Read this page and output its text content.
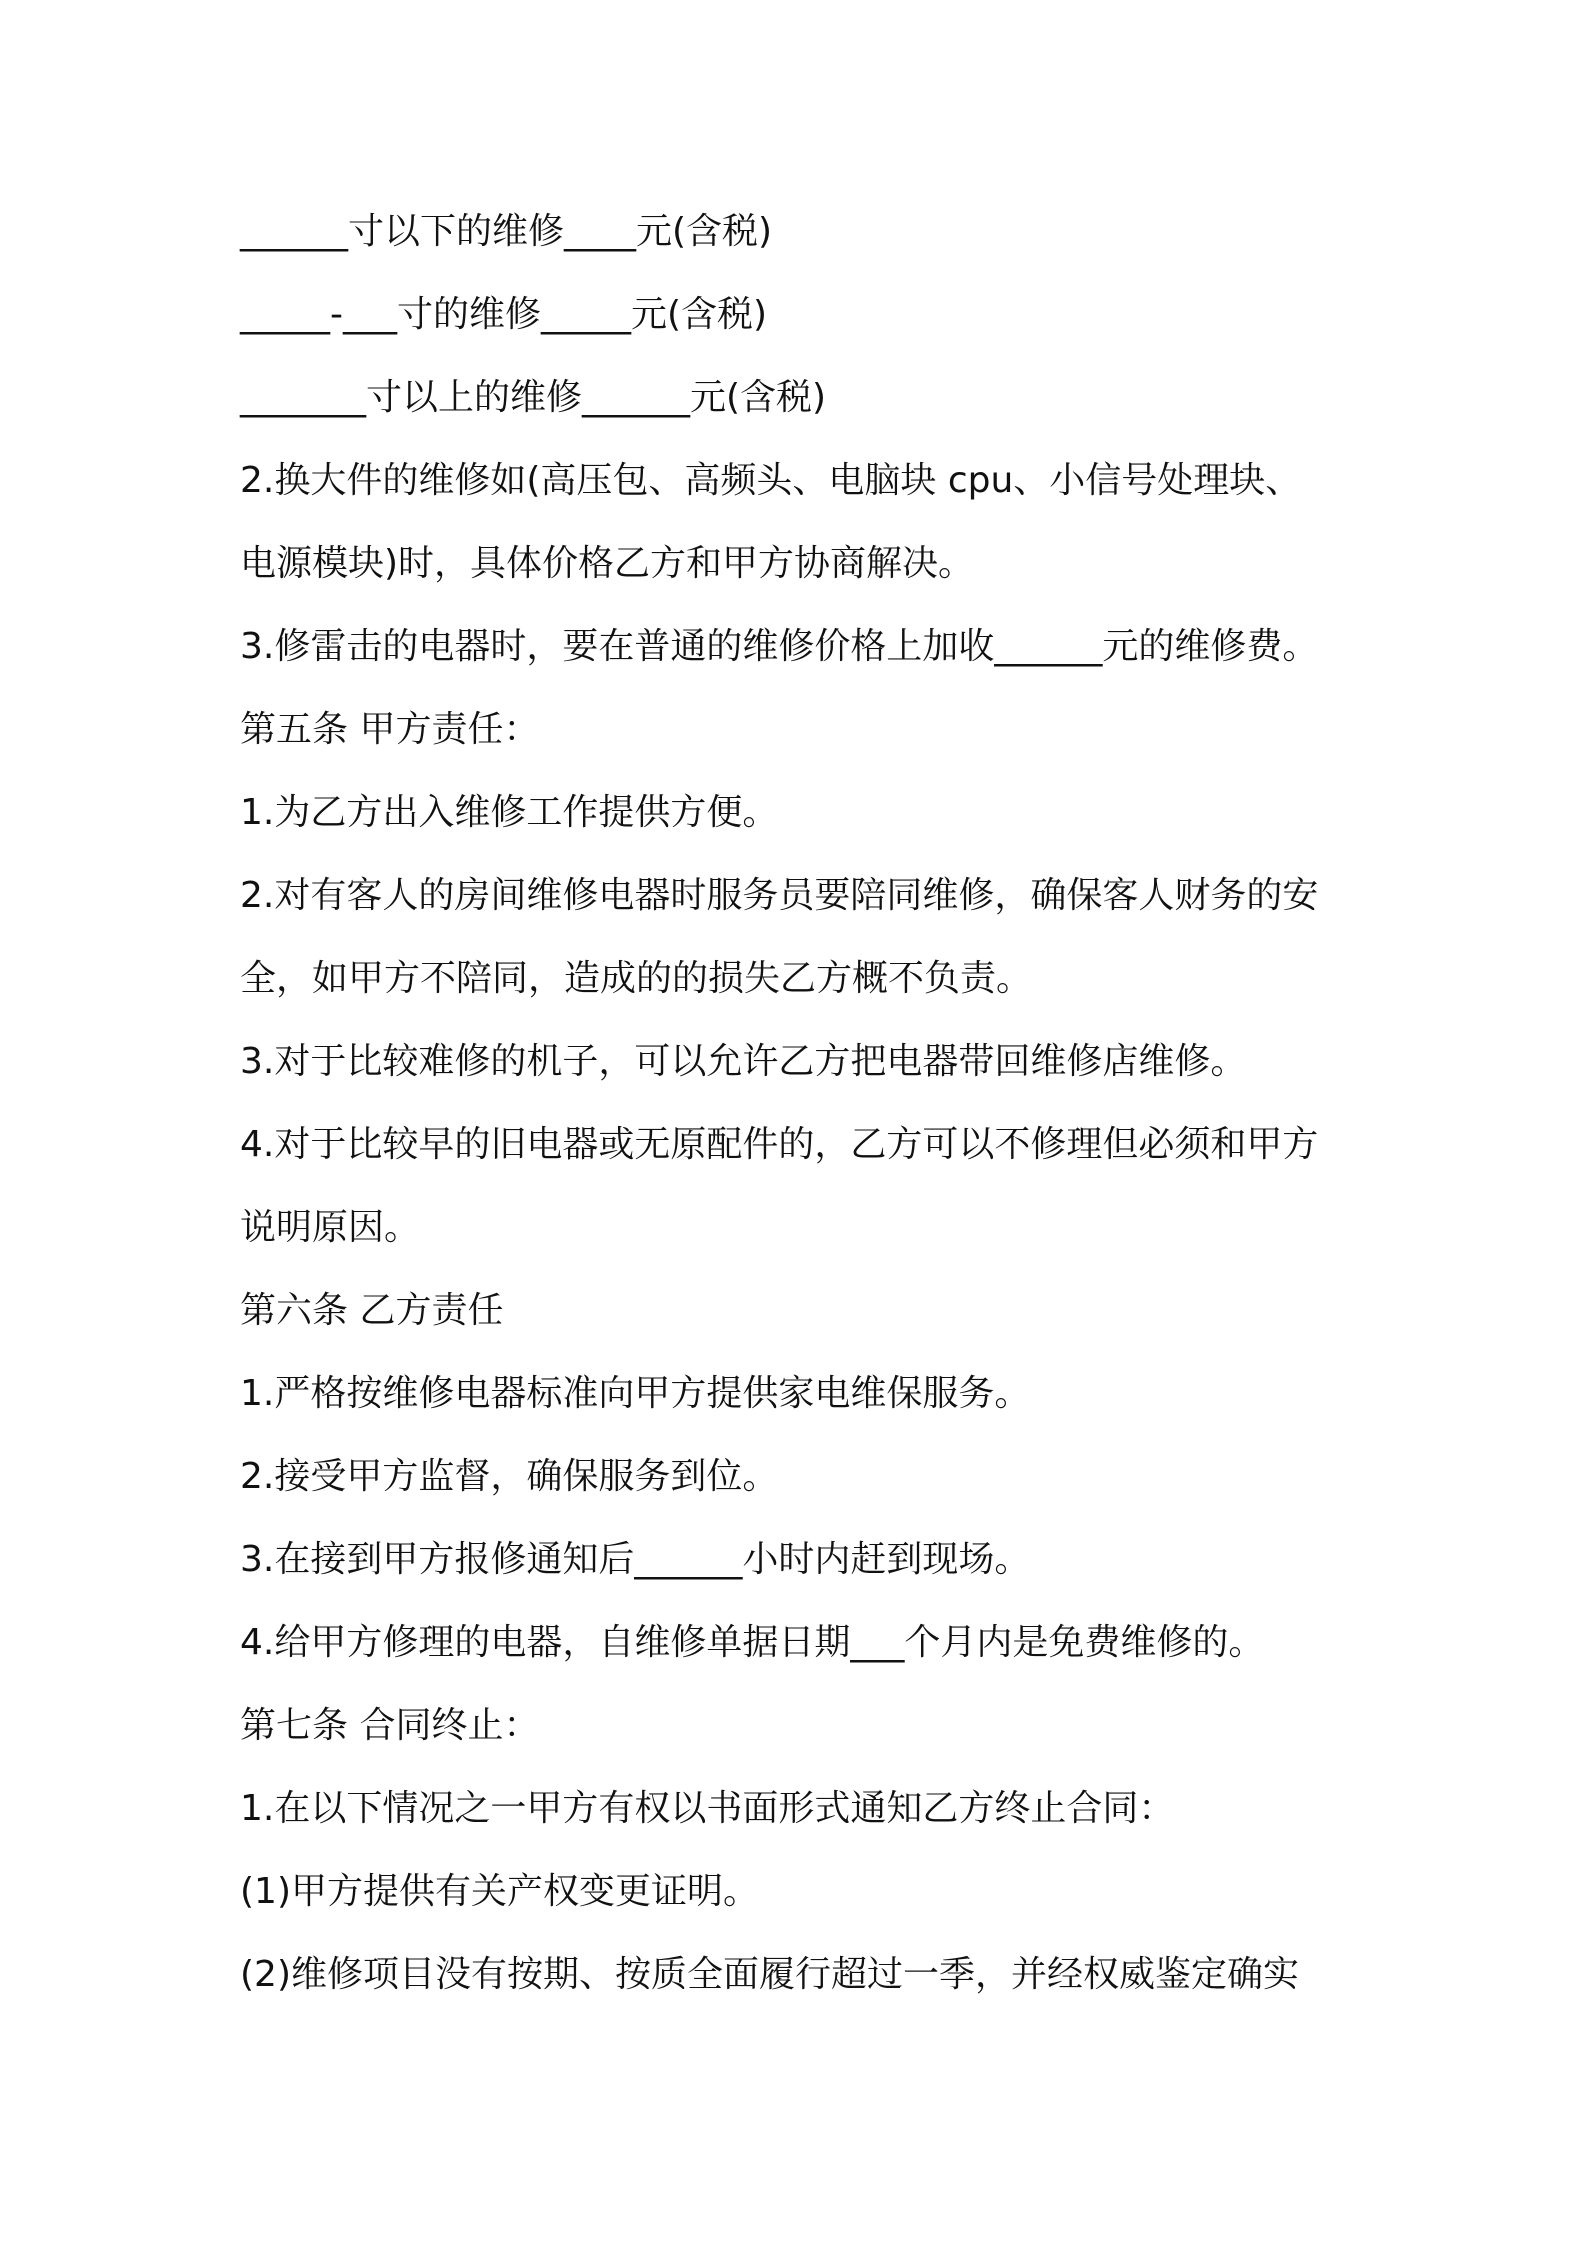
______寸以下的维修____元(含税)
_____-___寸的维修_____元(含税)
_______寸以上的维修______元(含税)
2.换大件的维修如(高压包、高频头、电脑块 cpu、小信号处理块、
电源模块)时，具体价格乙方和甲方协商解决。
3.修雷击的电器时，要在普通的维修价格上加收______元的维修费。
第五条 甲方责任：
1.为乙方出入维修工作提供方便。
2.对有客人的房间维修电器时服务员要陪同维修，确保客人财务的安
全，如甲方不陪同，造成的的损失乙方概不负责。
3.对于比较难修的机子，可以允许乙方把电器带回维修店维修。
4.对于比较早的旧电器或无原配件的，乙方可以不修理但必须和甲方
说明原因。
第六条 乙方责任
1.严格按维修电器标准向甲方提供家电维保服务。
2.接受甲方监督，确保服务到位。
3.在接到甲方报修通知后______小时内赶到现场。
4.给甲方修理的电器，自维修单据日期___个月内是免费维修的。
第七条 合同终止：
1.在以下情况之一甲方有权以书面形式通知乙方终止合同：
(1)甲方提供有关产权变更证明。
(2)维修项目没有按期、按质全面履行超过一季，并经权威鉴定确实
